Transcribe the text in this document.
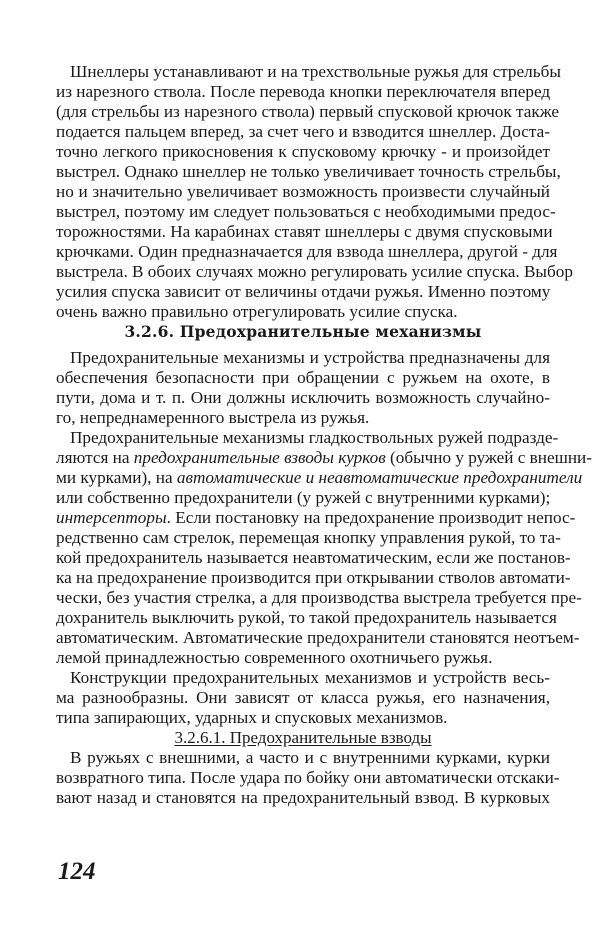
Шнеллеры устанавливают и на трехствольные ружья для стрельбы
из нарезного ствола. После перевода кнопки переключателя вперед
(для стрельбы из нарезного ствола) первый спусковой крючок также
подается пальцем вперед, за счет чего и взводится шнеллер. Доста-
точно легкого прикосновения к спусковому крючку - и произойдет
выстрел. Однако шнеллер не только увеличивает точность стрельбы,
но и значительно увеличивает возможность произвести случайный
выстрел, поэтому им следует пользоваться с необходимыми предос-
торожностями. На карабинах ставят шнеллеры с двумя спусковыми
крючками. Один предназначается для взвода шнеллера, другой - для
выстрела. В обоих случаях можно регулировать усилие спуска. Выбор
усилия спуска зависит от величины отдачи ружья. Именно поэтому
очень важно правильно отрегулировать усилие спуска.
3.2.6. Предохранительные механизмы
Предохранительные механизмы и устройства предназначены для
обеспечения безопасности при обращении с ружьем на охоте, в
пути, дома и т. п. Они должны исключить возможность случайно-
го, непреднамеренного выстрела из ружья.
Предохранительные механизмы гладкоствольных ружей подразде-
ляются на предохранительные взводы курков (обычно у ружей с внешни-
ми курками), на автоматические и неавтоматические предохранители
или собственно предохранители (у ружей с внутренними курками);
интерсепторы. Если постановку на предохранение производит непос-
редственно сам стрелок, перемещая кнопку управления рукой, то та-
кой предохранитель называется неавтоматическим, если же постанов-
ка на предохранение производится при открывании стволов автомати-
чески, без участия стрелка, а для производства выстрела требуется пре-
дохранитель выключить рукой, то такой предохранитель называется
автоматическим. Автоматические предохранители становятся неотъем-
лемой принадлежностью современного охотничьего ружья.
Конструкции предохранительных механизмов и устройств весь-
ма разнообразны. Они зависят от класса ружья, его назначения,
типа запирающих, ударных и спусковых механизмов.
3.2.6.1. Предохранительные взводы
В ружьях с внешними, а часто и с внутренними курками, курки
возвратного типа. После удара по бойку они автоматически отскаки-
вают назад и становятся на предохранительный взвод. В курковых
124
